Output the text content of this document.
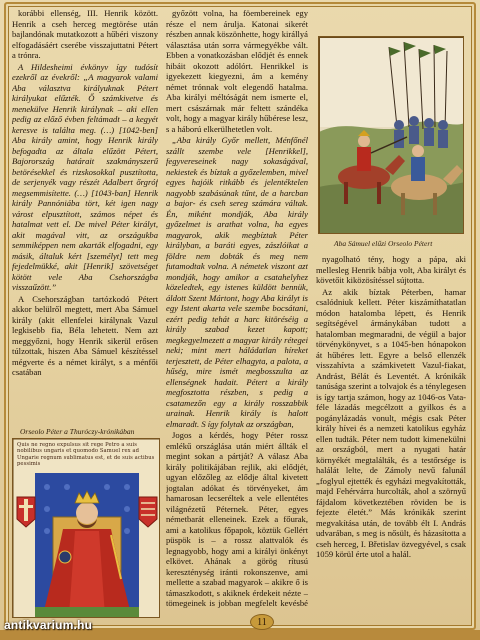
korábbi ellenség, III. Henrik között. Henrik a cseh herceg megtörése után bajlandónak mutatkozott a hűbéri viszony elfogadásáért cserébe visszajuttatni Pétert a trónra.

A Hildesheimi évkönyv így tudósít ezekről az évekről: „A magyarok valami Aba választva királyuknak Pétert királyukat elűzték. Ő számkivetve és menekülve Henrik királynak – aki ellen pedig az előző évben feltámadt – a kegyét keresve is találta meg. (…) [1042-ben] Aba király amint, hogy Henrik király befogadta az általa elűzött Pétert, Bajorország határait szakmányszerű betörésekkel és rizskosokkal pusztította, de serjenyék vagy részét Adalbert őrgróf megsemmisítette. (…) [1043-ban] Henrik király Pannóniába tört, két igen nagy várost elpusztított, számos népet és hatalmat vett el. De mivel Péter királyt, akit magával vitt, az országukba semmiképpen nem akarták elfogadni, egy másik, általuk kért [személyt] tett meg fejedelmükké, akit [Henrik] szövetséget kötött vele Aba Csehországba visszaűzött.”

A Csehországban tartózkodó Pétert akkor belülről megtett, mert Aba Sámuel király (akit ellenfelei királynak Vazul legkisebb fia, Béla lehetett. Nem azt meggyőzni, hogy Henrik sikerül erősen túlzottak, hiszen Aba Sámuel készítéssel mégverte és a német királyt, s a ménfői csatában

győzött volna, ha föembereinek egy része el nem árulja. Katonai sikerét részben annak köszönhette, hogy királlyá választása után sorra vármegyékbe vált. Ebben a vonatkozásban elődjét és ennek hibáit okozott adólórt. Henrikkel is igyekezett kiegyezni, ám a kemény német trónnak volt elegendő hatalma. Aba királyi méltóságát nem ismerte el, mert császárnak már feltett szándéka volt, hogy a magyar király hűbérese lesz, s a háború elkerülhetetlen volt.

„Aba király Győr mellett, Ménfőnél szállt szembe vele [Henrikkel], fegyvereseinek nagy sokaságával, nekiestek és bíztak a győzelemben, mivel egyes hajóik ritkább és jelentéktelen nagyobb szabásúnak tűnt, de a harcban a bajor- és cseh sereg számára váltak. Én, miként mondják, Aba király győzelmet is arathat volna, ha egyes magyarok, akik megbíztak Péter királyban, a baráti egyes, zászlóikat a földre nem dobták és meg nem futamodtak volna. A németek viszont azt mondják, hogy amikor a csatahelyhez közeledtek, egy istenes küldött bennük, áldott Szent Mártont, hogy Aba királyt is egy Istent akarta vele szembe bocsátani, ezért pedig tehát a harc kitöréséig a király szabad kezet kapott; megkegyelmezett a magyar király rétegei neki; mint mert háládatlan híreket terjesztett, de Péter elhagyta, a palota, a hűség, mire ismét megbosszulta az ellenségnek hadait. Pétert a király megfosztotta részben, s pedig a csatamezőn egy a király rosszabbik urainak. Henrik király is halott elmaradt. S így folytak az országban,

Jogos a kérdés, hogy Péter rossz emlékű országlása után miért állták el megint sokan a pártját? A válasz Aba király politikájában rejlik, aki elődjét, ugyan előzőleg az elődje által kivetett jogtalan adókat és törvényeket, ám hamarosan lecseréltek a vele ellentétes világnézetű Péternek. Péter, egyes németbarát elleneinek. Ezek a főurak, ami a katolikus főpapok, köztük Gellért püspök is – a rossz alattvalók és legnagyobb, hogy ami a királyi önkényt elkövet. Ahának a görög rítusú kereszténység iránti rokonszenve, ami mellette a szabad magyarok – akikre ő is támaszkodott, s akiknek érdekeit nézte – tömegeinek is jobban megfelelt kevésbé

Aba Sámuel elűzi Orseolo Pétert

nyagolható tény, hogy a pápa, aki mellesleg Henrik bábja volt, Aba királyt és követőit kiközösítéssel sújtotta.

Az akik bíztak Péterben, hamar csalódniuk kellett. Péter kiszámíthatatlan módon hatalomba lépett, és Henrik segítségével ármánykában tudott a hatalomban megmaradni, de végül a bajor törvénykönyvet, s a 1045-ben hónapokon át hűbéres lett. Egyre a belső ellenzék visszahívta a számkivetett Vazul-fiakat, Andrást, Bélát és Leventét. A krónikák tanúsága szerint a tolvajok és a ténylegesen is így tartja számon, hogy az 1046-os Vata-féle lázadás megcélzott a gyilkos és a pogánylázadás vonult, mégis csak Péter király hívei és a nemzeti katolikus egyház ellen tudták. Péter nem tudott kimenekülni az országból, mert a nyugati határ környékét megtalálták, és a testőrsége is halálát lelte, de Zámoly nevű falunál „foglyul ejtették és egyházi megvakították, majd Fehérvárra hurcolták, ahol a szörnyű fájdalom következtében röviden be is fejezte életét.” Más krónikák szerint megvakítása után, de tovább élt I. András udvarában, s meg is nősült, és házasította a cseh herceg, I. Břetislav özvegyével, s csak 1059 körül érte utol a halál.

Orseolo Péter a Thuróczy-krónikában
Quis ne regno expulsus sit rege Petro a suis nobilibus ungaris et quomodo Samuel rex ad Ungarie regnum sublimatus est, et de suis actibus pessimis
11
antikvarium.hu
